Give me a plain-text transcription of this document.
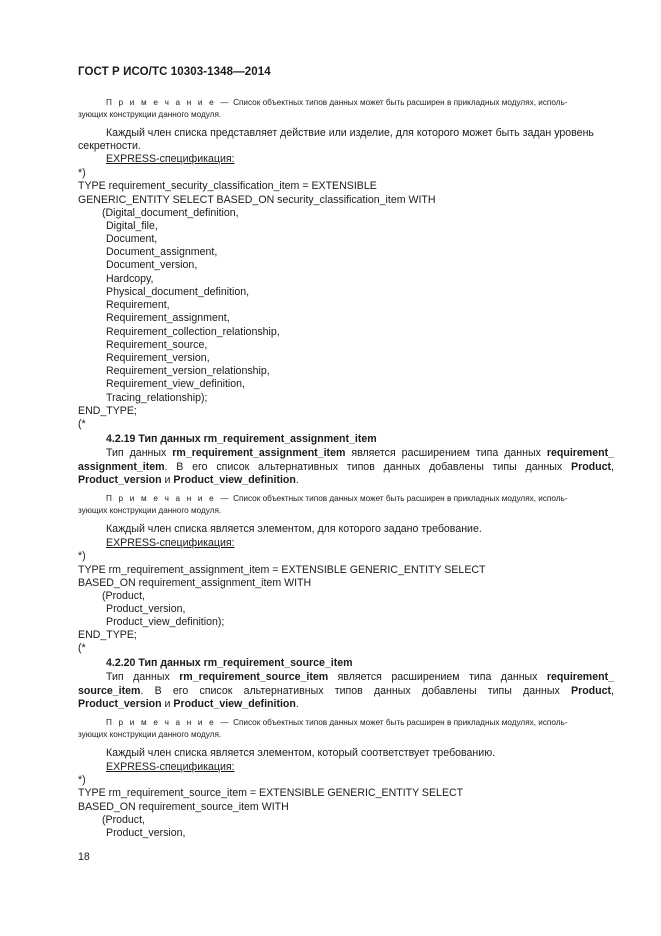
ГОСТ Р ИСО/ТС 10303-1348—2014
П р и м е ч а н и е — Список объектных типов данных может быть расширен в прикладных модулях, исполь-
зующих конструкции данного модуля.
Каждый член списка представляет действие или изделие, для которого может быть задан уровень
секретности.
EXPRESS-спецификация:
*)
TYPE requirement_security_classification_item = EXTENSIBLE
GENERIC_ENTITY SELECT BASED_ON security_classification_item WITH
(Digital_document_definition,
Digital_file,
Document,
Document_assignment,
Document_version,
Hardcopy,
Physical_document_definition,
Requirement,
Requirement_assignment,
Requirement_collection_relationship,
Requirement_source,
Requirement_version,
Requirement_version_relationship,
Requirement_view_definition,
Tracing_relationship);
END_TYPE;
(*
4.2.19 Тип данных rm_requirement_assignment_item
Тип данных rm_requirement_assignment_item является расширением типа данных requirement_
assignment_item. В его список альтернативных типов данных добавлены типы данных Product,
Product_version и Product_view_definition.
П р и м е ч а н и е — Список объектных типов данных может быть расширен в прикладных модулях, исполь-
зующих конструкции данного модуля.
Каждый член списка является элементом, для которого задано требование.
EXPRESS-спецификация:
*)
TYPE rm_requirement_assignment_item = EXTENSIBLE GENERIC_ENTITY SELECT
BASED_ON requirement_assignment_item WITH
(Product,
Product_version,
Product_view_definition);
END_TYPE;
(*
4.2.20 Тип данных rm_requirement_source_item
Тип данных rm_requirement_source_item является расширением типа данных requirement_
source_item. В его список альтернативных типов данных добавлены типы данных Product,
Product_version и Product_view_definition.
П р и м е ч а н и е — Список объектных типов данных может быть расширен в прикладных модулях, исполь-
зующих конструкции данного модуля.
Каждый член списка является элементом, который соответствует требованию.
EXPRESS-спецификация:
*)
TYPE rm_requirement_source_item = EXTENSIBLE GENERIC_ENTITY SELECT
BASED_ON requirement_source_item WITH
(Product,
Product_version,
18
